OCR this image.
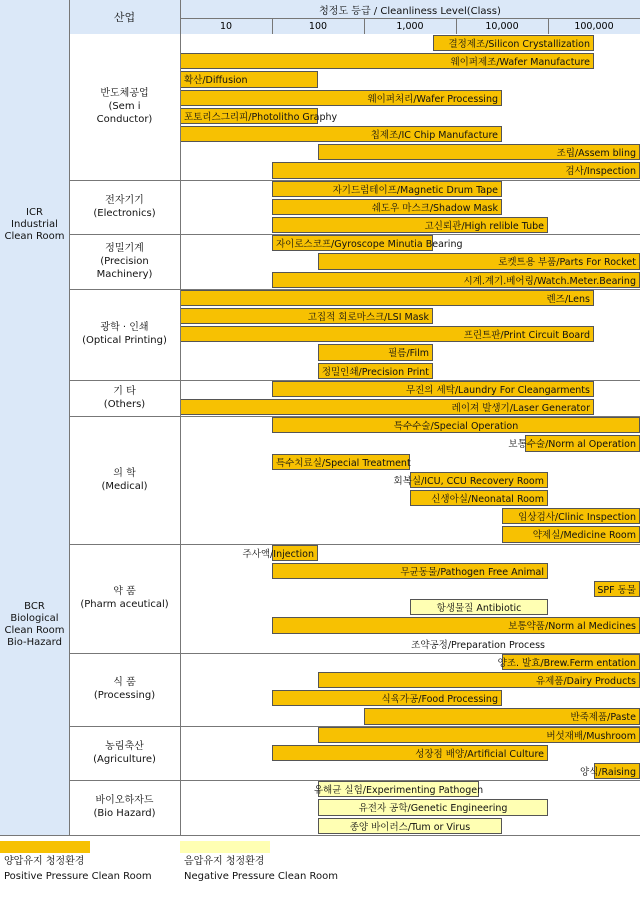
산업	청정도 등급 / Cleanliness Level(Class)
10	100	1,000	10,000	100,000
결정제조/Silicon Crystallization
웨이퍼제조/Wafer Manufacture
확산/Diffusion
웨이퍼처리/Wafer Processing
포토리스그리피/Photolitho Graphy
칩제조/IC Chip Manufacture
조립/Assem bling
검사/Inspection
반도체공업
(Sem i
Conductor)
자기드럼테이프/Magnetic Drum Tape
쉐도우 마스크/Shadow Mask
고신뢰관/High relible Tube
전자기기
(Electronics)
자이로스코프/Gyroscope Minutia Bearing
로켓트용 부품/Parts For Rocket
시계.계기.베어링/Watch.Meter.Bearing
정밀기계
(Precision
Machinery)
렌즈/Lens
고집적 회로마스크/LSI Mask
프린트판/Print Circuit Board
필름/Film
정밀인쇄/Precision Print
광학 · 인쇄
(Optical Printing)
무진의 세탁/Laundry For Cleangarments
레이져 발생기/Laser Generator
기 타
(Others)
ICR
Industrial
Clean Room
특수수술/Special Operation
보통수술/Norm al Operation
특수치료실/Special Treatment
회복실/ICU, CCU Recovery Room
신생아실/Neonatal Room
임상검사/Clinic Inspection
약제실/Medicine Room
의 학
(Medical)
주사액/Injection
무균동물/Pathogen Free Animal
SPF 동물
항생물질 Antibiotic
보통약품/Norm al Medicines
조약공정/Preparation Process
약 품
(Pharm aceutical)
양조. 발효/Brew.Ferm entation
유제품/Dairy Products
식육가공/Food Processing
반죽제품/Paste
식 품
(Processing)
버섯재배/Mushroom
성장점 배양/Artificial Culture
양식/Raising
농림축산
(Agriculture)
유해균 실험/Experimenting Pathogen
유전자 공학/Genetic Engineering
종양 바이러스/Tum or Virus
바이오하자드
(Bio Hazard)
BCR
Biological
Clean Room
Bio-Hazard
양압유지 청정환경
Positive Pressure Clean Room
음압유지 청정환경
Negative Pressure Clean Room
